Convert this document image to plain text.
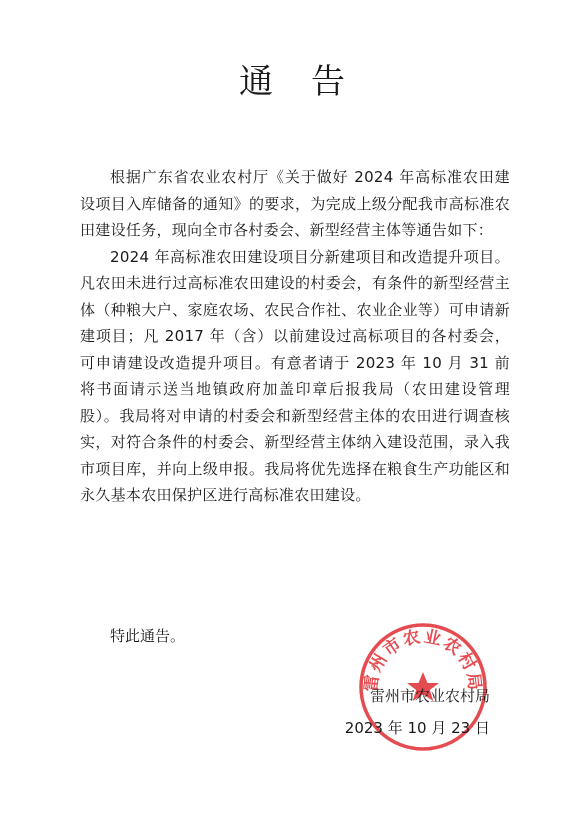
通告

根据广东省农业农村厅《关于做好 2024 年高标准农田建设项目入库储备的通知》的要求，为完成上级分配我市高标准农田建设任务，现向全市各村委会、新型经营主体等通告如下：

2024 年高标准农田建设项目分新建项目和改造提升项目。凡农田未进行过高标准农田建设的村委会，有条件的新型经营主体（种粮大户、家庭农场、农民合作社、农业企业等）可申请新建项目；凡 2017 年（含）以前建设过高标项目的各村委会，可申请建设改造提升项目。有意者请于 2023 年 10 月 31 前将书面请示送当地镇政府加盖印章后报我局（农田建设管理股）。我局将对申请的村委会和新型经营主体的农田进行调查核实，对符合条件的村委会、新型经营主体纳入建设范围，录入我市项目库，并向上级申报。我局将优先选择在粮食生产功能区和永久基本农田保护区进行高标准农田建设。

特此通告。
雷州市农业农村局
雷州市农业农村局
2023 年 10 月 23 日
